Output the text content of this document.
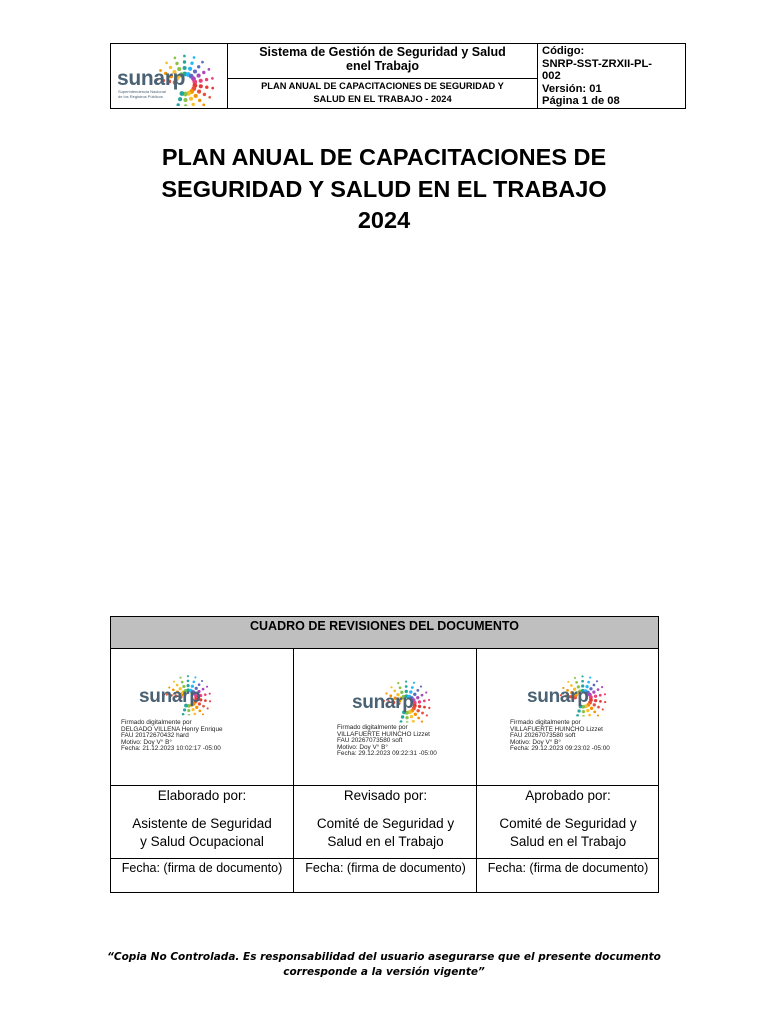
sunarp
Superintendencia Nacional
de los Registros Públicos
Sistema de Gestión de Seguridad y Salud
enel Trabajo
PLAN ANUAL DE CAPACITACIONES DE SEGURIDAD Y
SALUD EN EL TRABAJO - 2024
Código:
SNRP-SST-ZRXII-PL-
002
Versión: 01
Página 1 de 08
PLAN ANUAL DE CAPACITACIONES DE
SEGURIDAD Y SALUD EN EL TRABAJO
2024
CUADRO DE REVISIONES DEL DOCUMENTO
sunarp
Firmado digitalmente por
DELGADO VILLENA Henry Enrique
FAU 20172670432 hard
Motivo: Doy V° B°
Fecha: 21.12.2023 10:02:17 -05:00
Elaborado por:
Asistente de Seguridad
y Salud Ocupacional
Fecha: (firma de documento)
sunarp
Firmado digitalmente por
VILLAFUERTE HUINCHO Lizzet
FAU 20267073580 soft
Motivo: Doy V° B°
Fecha: 29.12.2023 09:22:31 -05:00
Revisado por:
Comité de Seguridad y
Salud en el Trabajo
Fecha: (firma de documento)
sunarp
Firmado digitalmente por
VILLAFUERTE HUINCHO Lizzet
FAU 20267073580 soft
Motivo: Doy V° B°
Fecha: 29.12.2023 09:23:02 -05:00
Aprobado por:
Comité de Seguridad y
Salud en el Trabajo
Fecha: (firma de documento)
“Copia No Controlada. Es responsabilidad del usuario asegurarse que el presente documento
corresponde a la versión vigente”
